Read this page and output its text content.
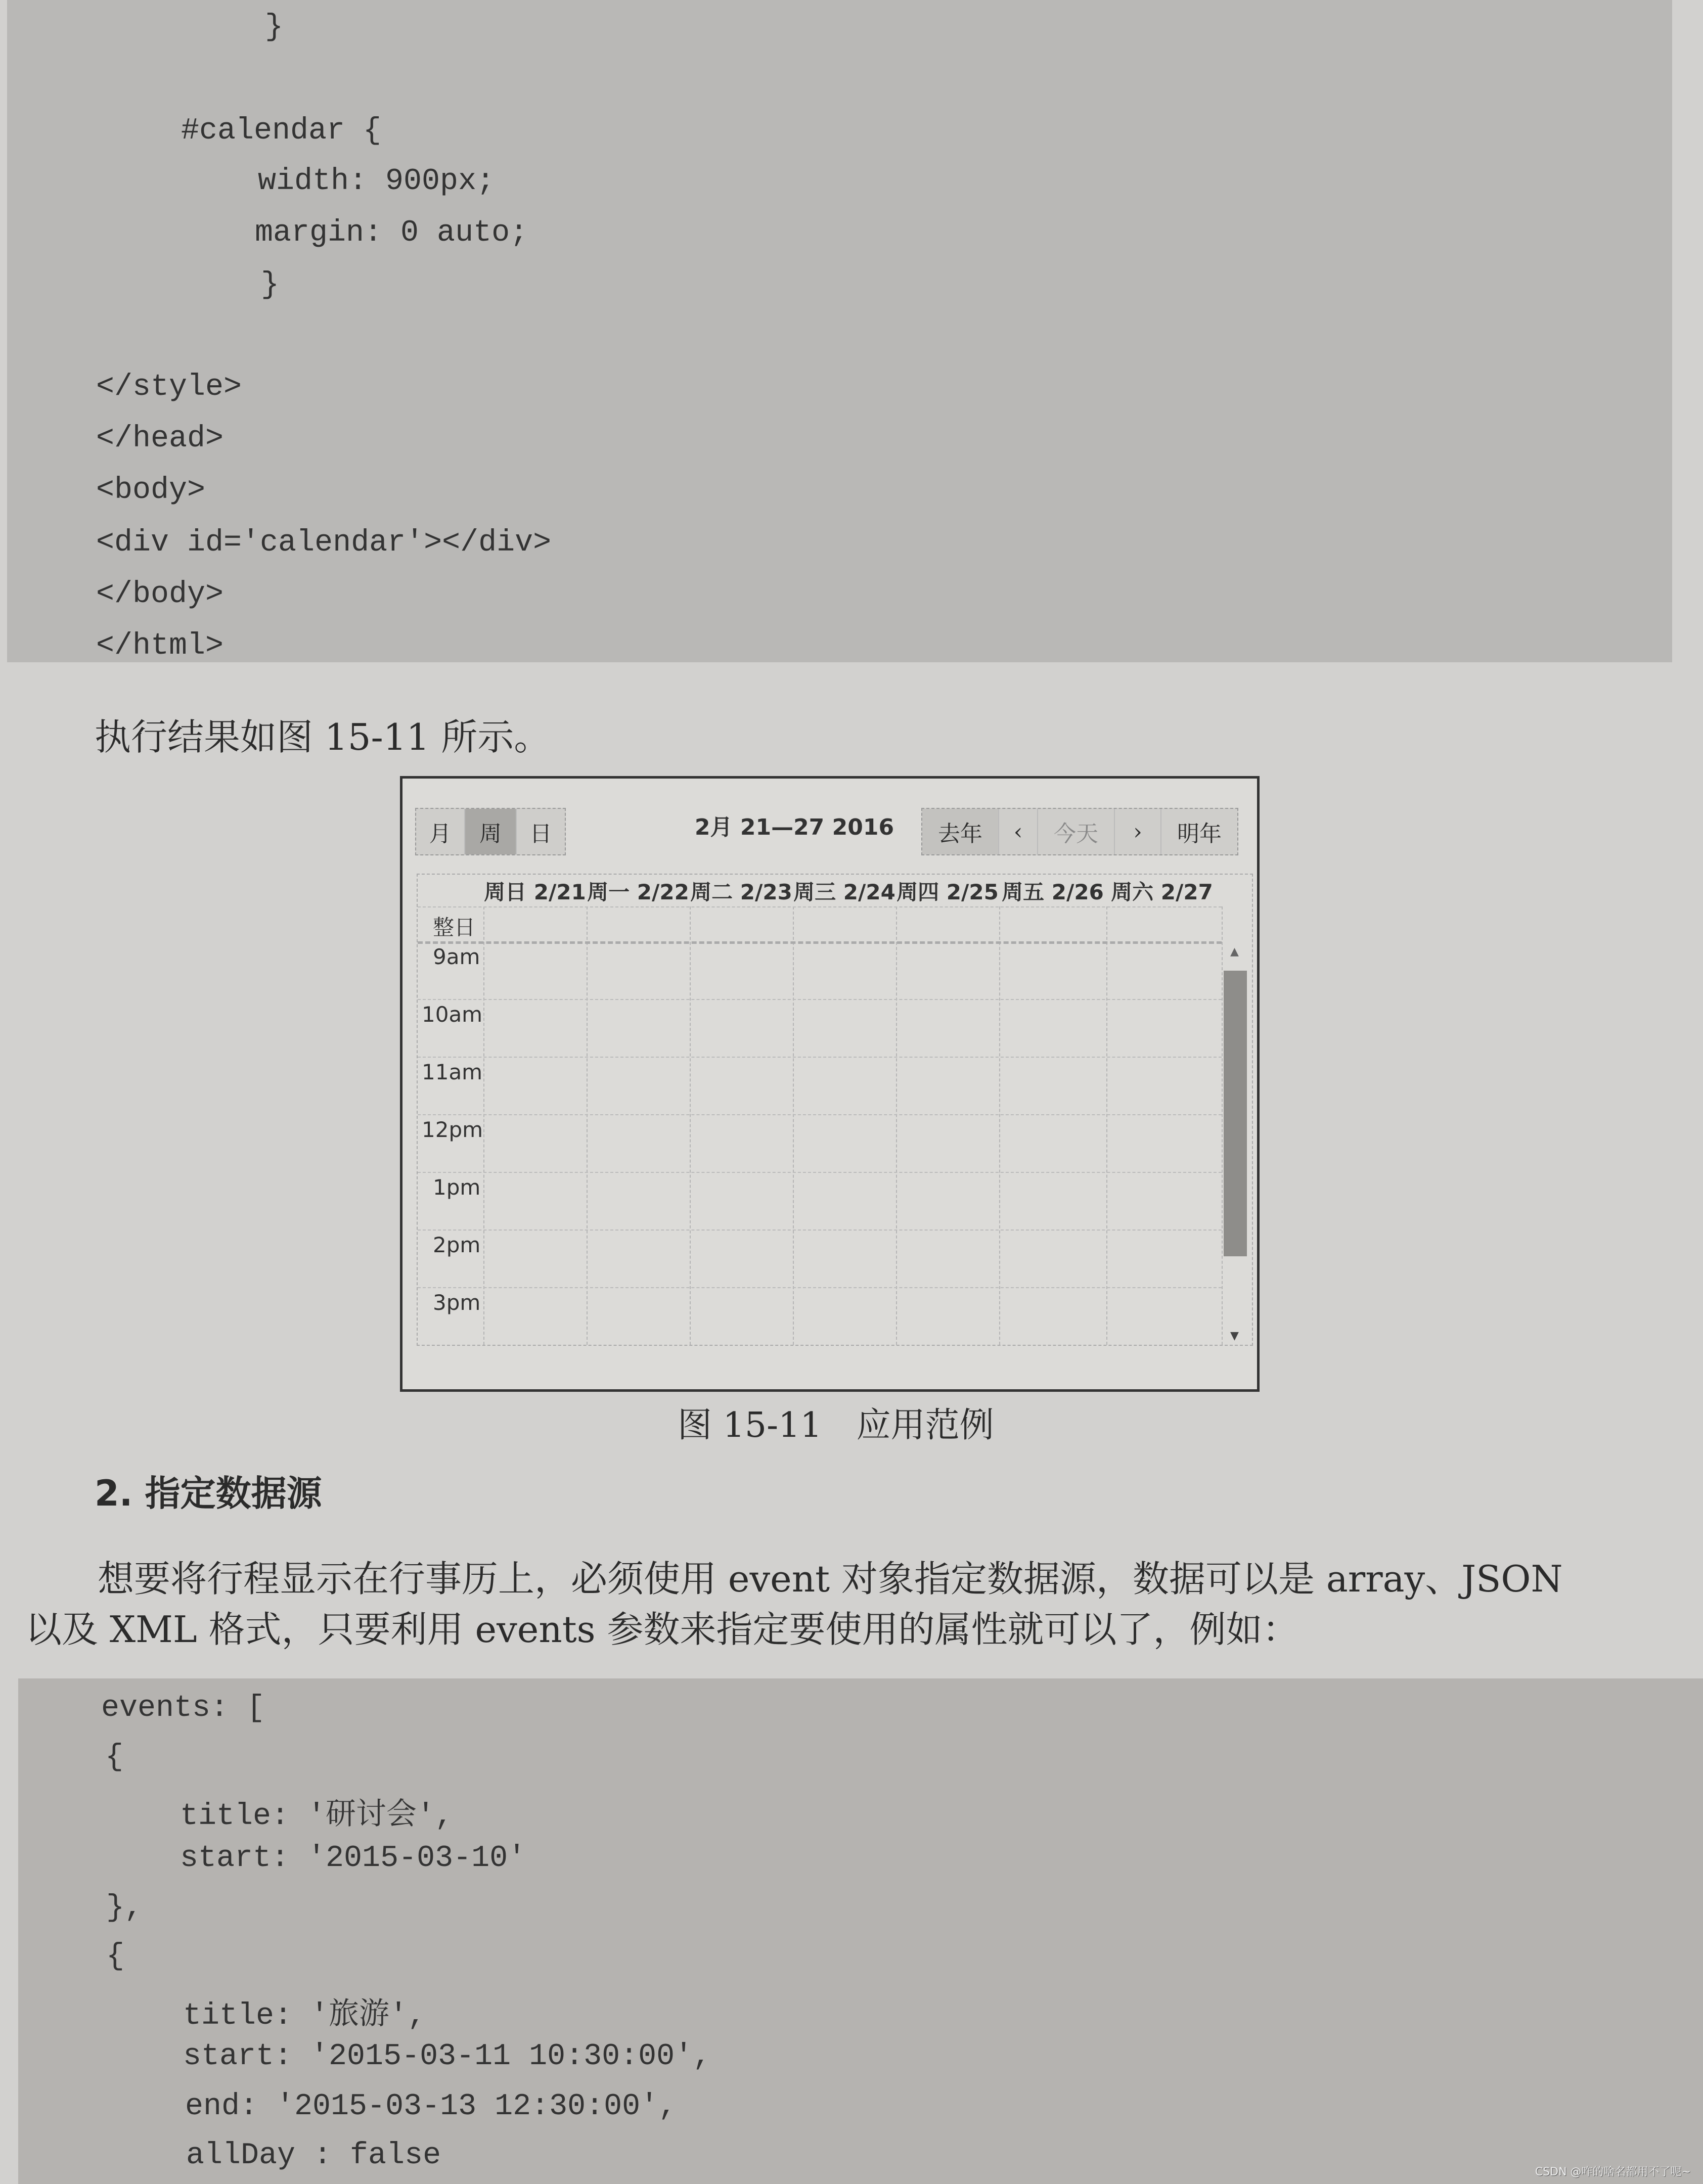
}
#calendar {
width: 900px;
margin: 0 auto;
}
</style>
</head>
<body>
<div id='calendar'></div>
</body>
</html>
执行结果如图 15-11 所示。
月	周	日	2月 21—27 2016	去年	‹	今天	›	明年
周日 2/21 周一 2/22 周二 2/23 周三 2/24 周四 2/25 周五 2/26 周六 2/27
整日
9am
10am
11am
12pm
1pm
2pm
3pm
▲
▼
图 15-11　应用范例
2. 指定数据源
想要将行程显示在行事历上，必须使用 event 对象指定数据源，数据可以是 array、JSON
以及 XML 格式，只要利用 events 参数来指定要使用的属性就可以了，例如：
events: [
{
title: '研讨会',
start: '2015-03-10'
},
{
title: '旅游',
start: '2015-03-11 10:30:00',
end: '2015-03-13 12:30:00',
allDay : false	CSDN @咋的啥名都用不了呢~
